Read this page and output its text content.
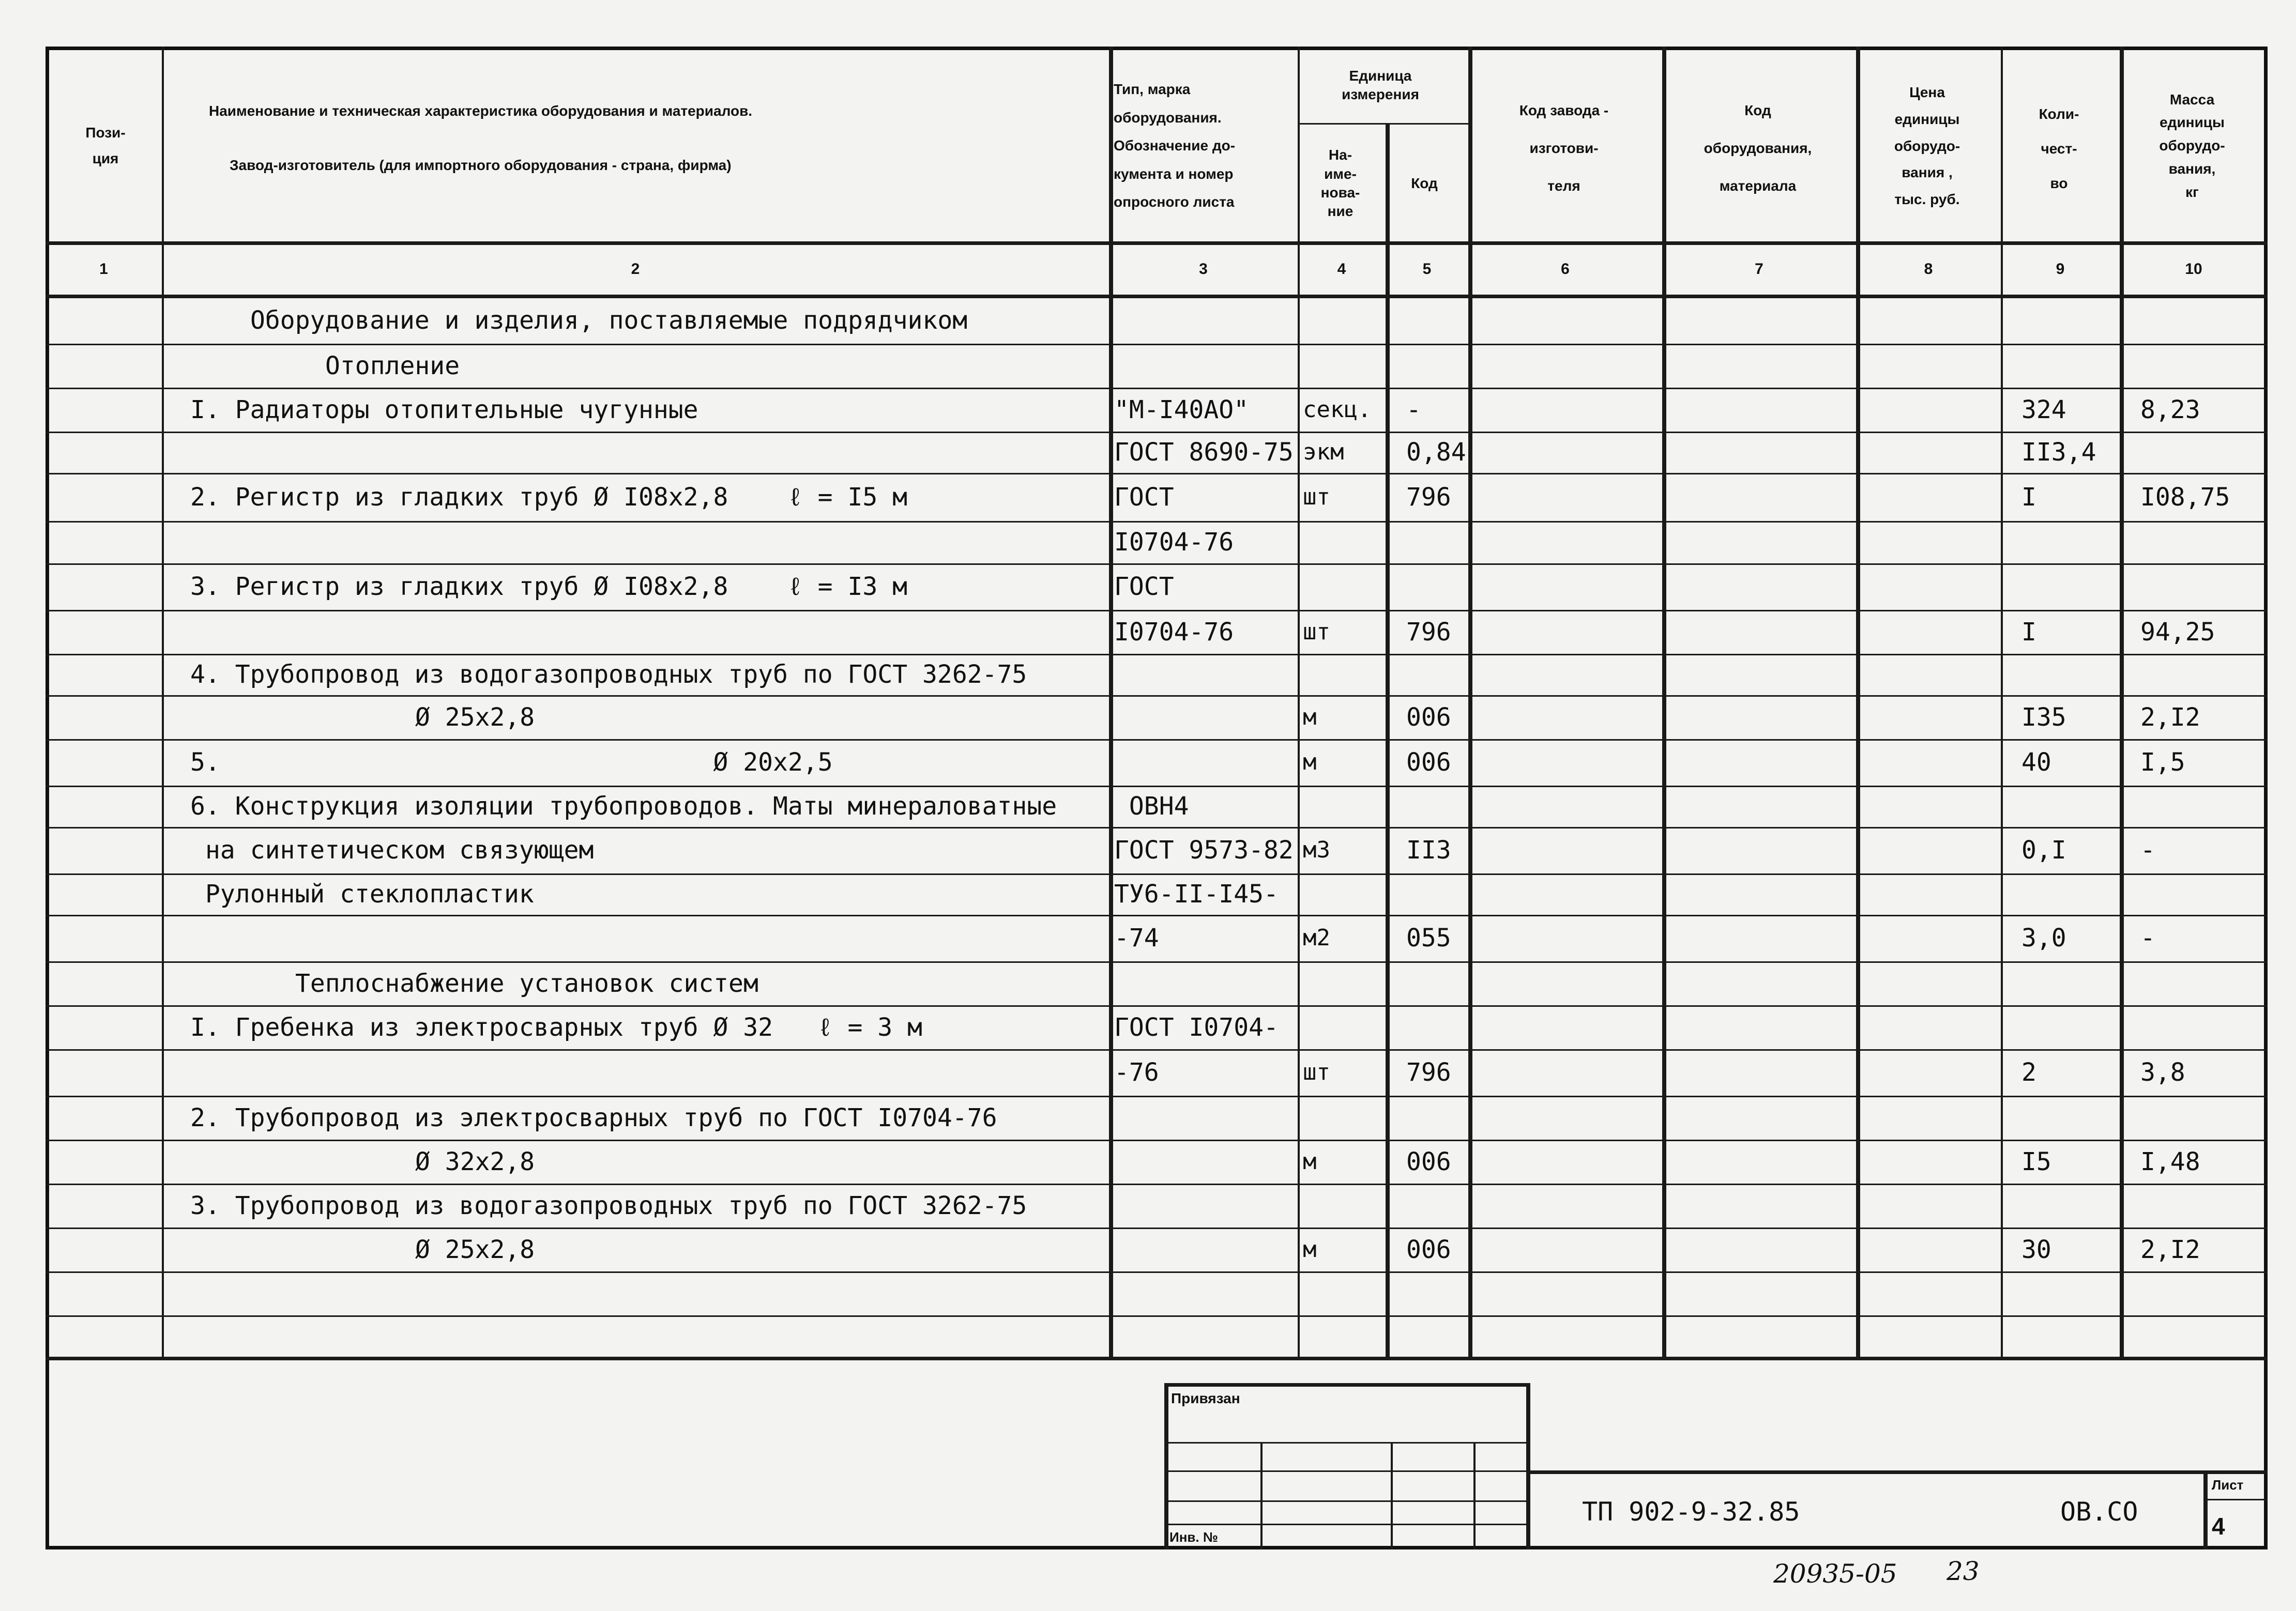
Пози-
ция
Наименование и техническая характеристика оборудования и материалов.
Завод-изготовитель (для импортного оборудования - страна, фирма)
Тип, марка
оборудования.
Обозначение до-
кумента и номер
опросного листа
Единица
измерения
На-
име-
нова-
ние
Код
Код завода -
изготови-
теля
Код
оборудования,
материала
Цена
единицы
оборудо-
вания ,
тыс. руб.
Коли-
чест-
во
Масса
единицы
оборудо-
вания,
кг
1	2	3	4	5	6	7	8	9	10
Оборудование и изделия, поставляемые подрядчиком
Отопление
I. Радиаторы отопительные чугунные	"М-I40АО"	секц.	-	324	8,23
ГОСТ 8690-75 экм	0,84	II3,4
2. Регистр из гладких труб Ø I08х2,8    ℓ = I5 м	ГОСТ	шт	796	I	I08,75
I0704-76
3. Регистр из гладких труб Ø I08х2,8    ℓ = I3 м	ГОСТ
I0704-76	шт	796	I	94,25
4. Трубопровод из водогазопроводных труб по ГОСТ 3262-75
Ø 25х2,8	м	006	I35	2,I2
5.                                 Ø 20х2,5	м	006	40	I,5
6. Конструкция изоляции трубопроводов. Маты минераловатные	ОВН4
на синтетическом связующем	ГОСТ 9573-82 м3	II3	0,I	-
Рулонный стеклопластик	ТУ6-II-I45-
-74	м2	055	3,0	-
Теплоснабжение установок систем
I. Гребенка из электросварных труб Ø 32   ℓ = 3 м	ГОСТ I0704-
-76	шт	796	2	3,8
2. Трубопровод из электросварных труб по ГОСТ I0704-76
Ø 32х2,8	м	006	I5	I,48
3. Трубопровод из водогазопроводных труб по ГОСТ 3262-75
Ø 25х2,8	м	006	30	2,I2
Привязан
Инв. №
ТП 902-9-32.85	ОВ.СО
Лист
4
20935-05 23
